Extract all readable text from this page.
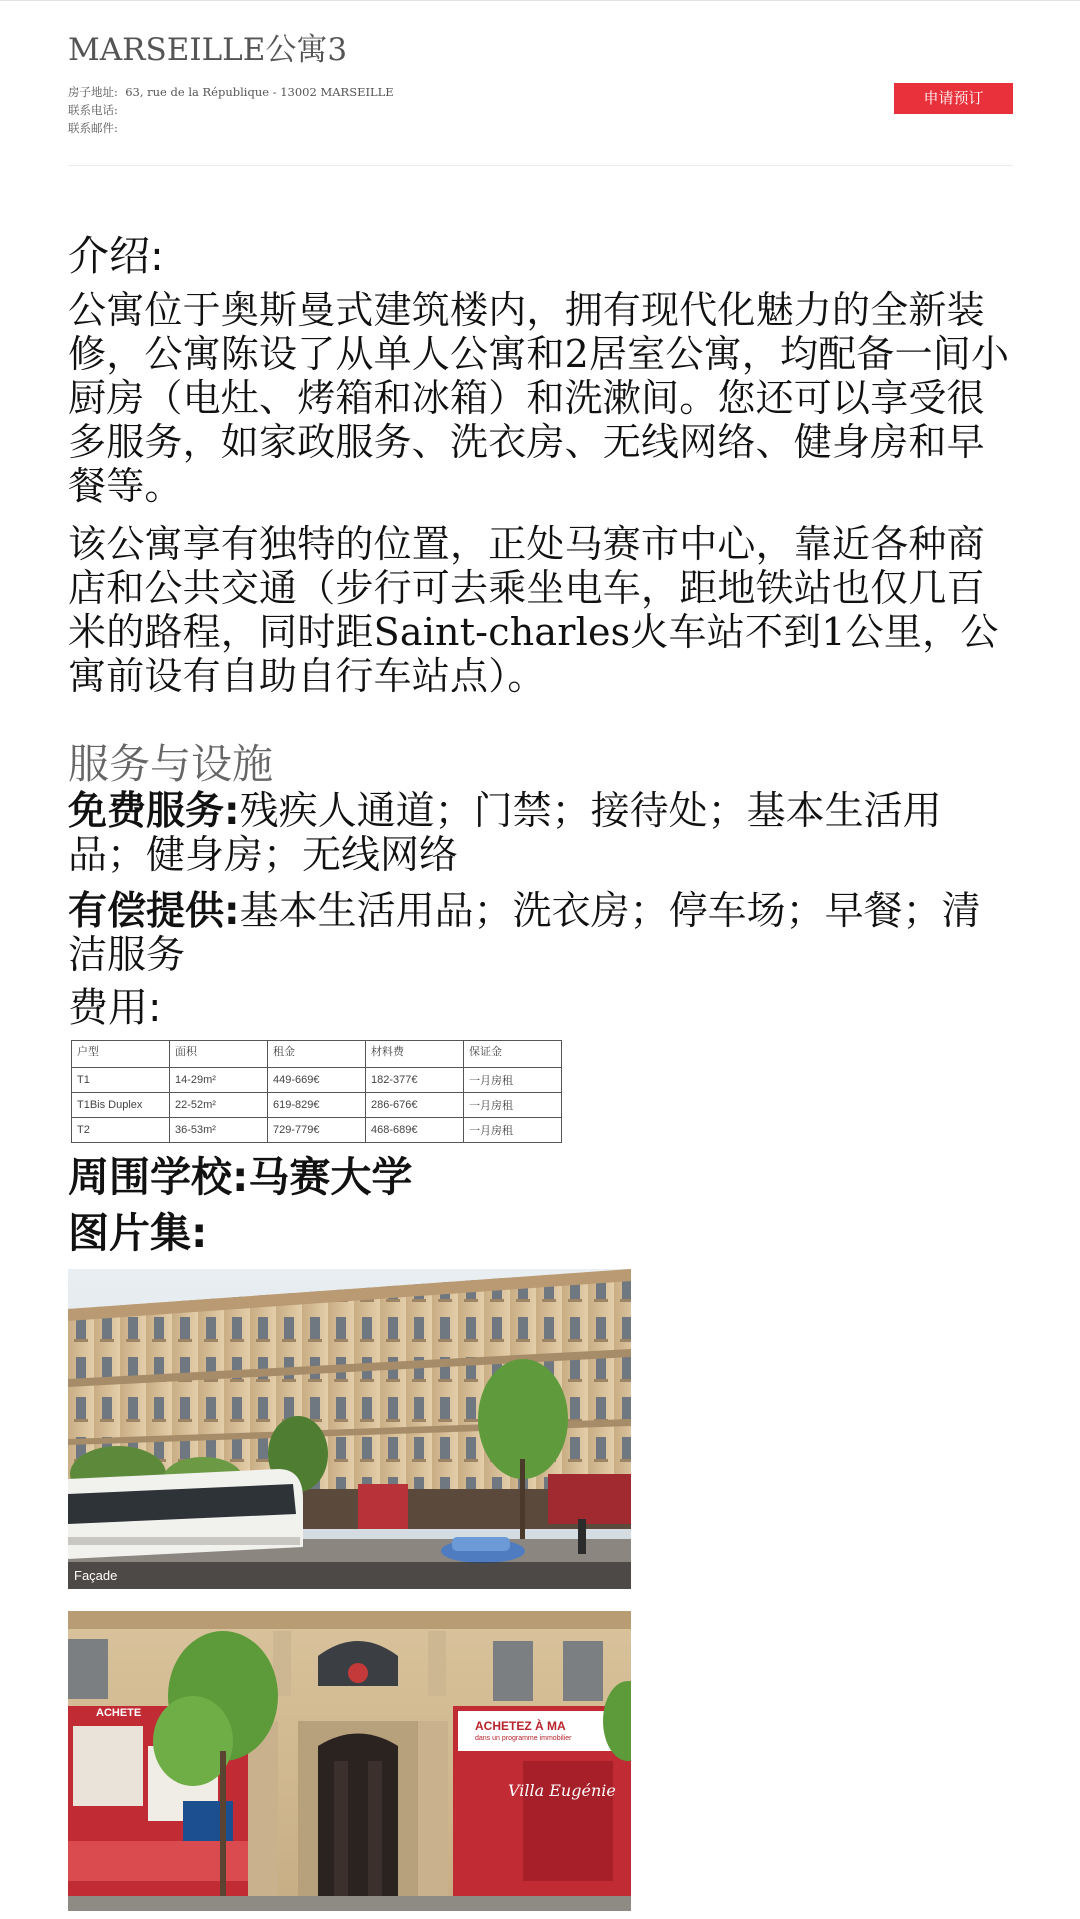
MARSEILLE公寓3
房子地址: 63, rue de la République - 13002 MARSEILLE
联系电话:
联系邮件:
申请预订
介绍:

公寓位于奥斯曼式建筑楼内，拥有现代化魅力的全新装修，公寓陈设了从单人公寓和2居室公寓，均配备一间小厨房（电灶、烤箱和冰箱）和洗漱间。您还可以享受很多服务，如家政服务、洗衣房、无线网络、健身房和早餐等。

该公寓享有独特的位置，正处马赛市中心，靠近各种商店和公共交通（步行可去乘坐电车，距地铁站也仅几百米的路程，同时距Saint-charles火车站不到1公里，公寓前设有自助自行车站点）。

服务与设施

免费服务:残疾人通道；门禁；接待处；基本生活用品；健身房；无线网络

有偿提供:基本生活用品；洗衣房；停车场；早餐；清洁服务

费用:
户型	面积	租金	材料费	保证金
T1	14-29m²	449-669€	182-377€	一月房租
T1Bis Duplex	22-52m²	619-829€	286-676€	一月房租
T2	36-53m²	729-779€	468-689€	一月房租
周围学校:马赛大学
图片集:
Façade
ACHETEZ À MA
dans un programme immobilier
ACHETE
Villa Eugénie
